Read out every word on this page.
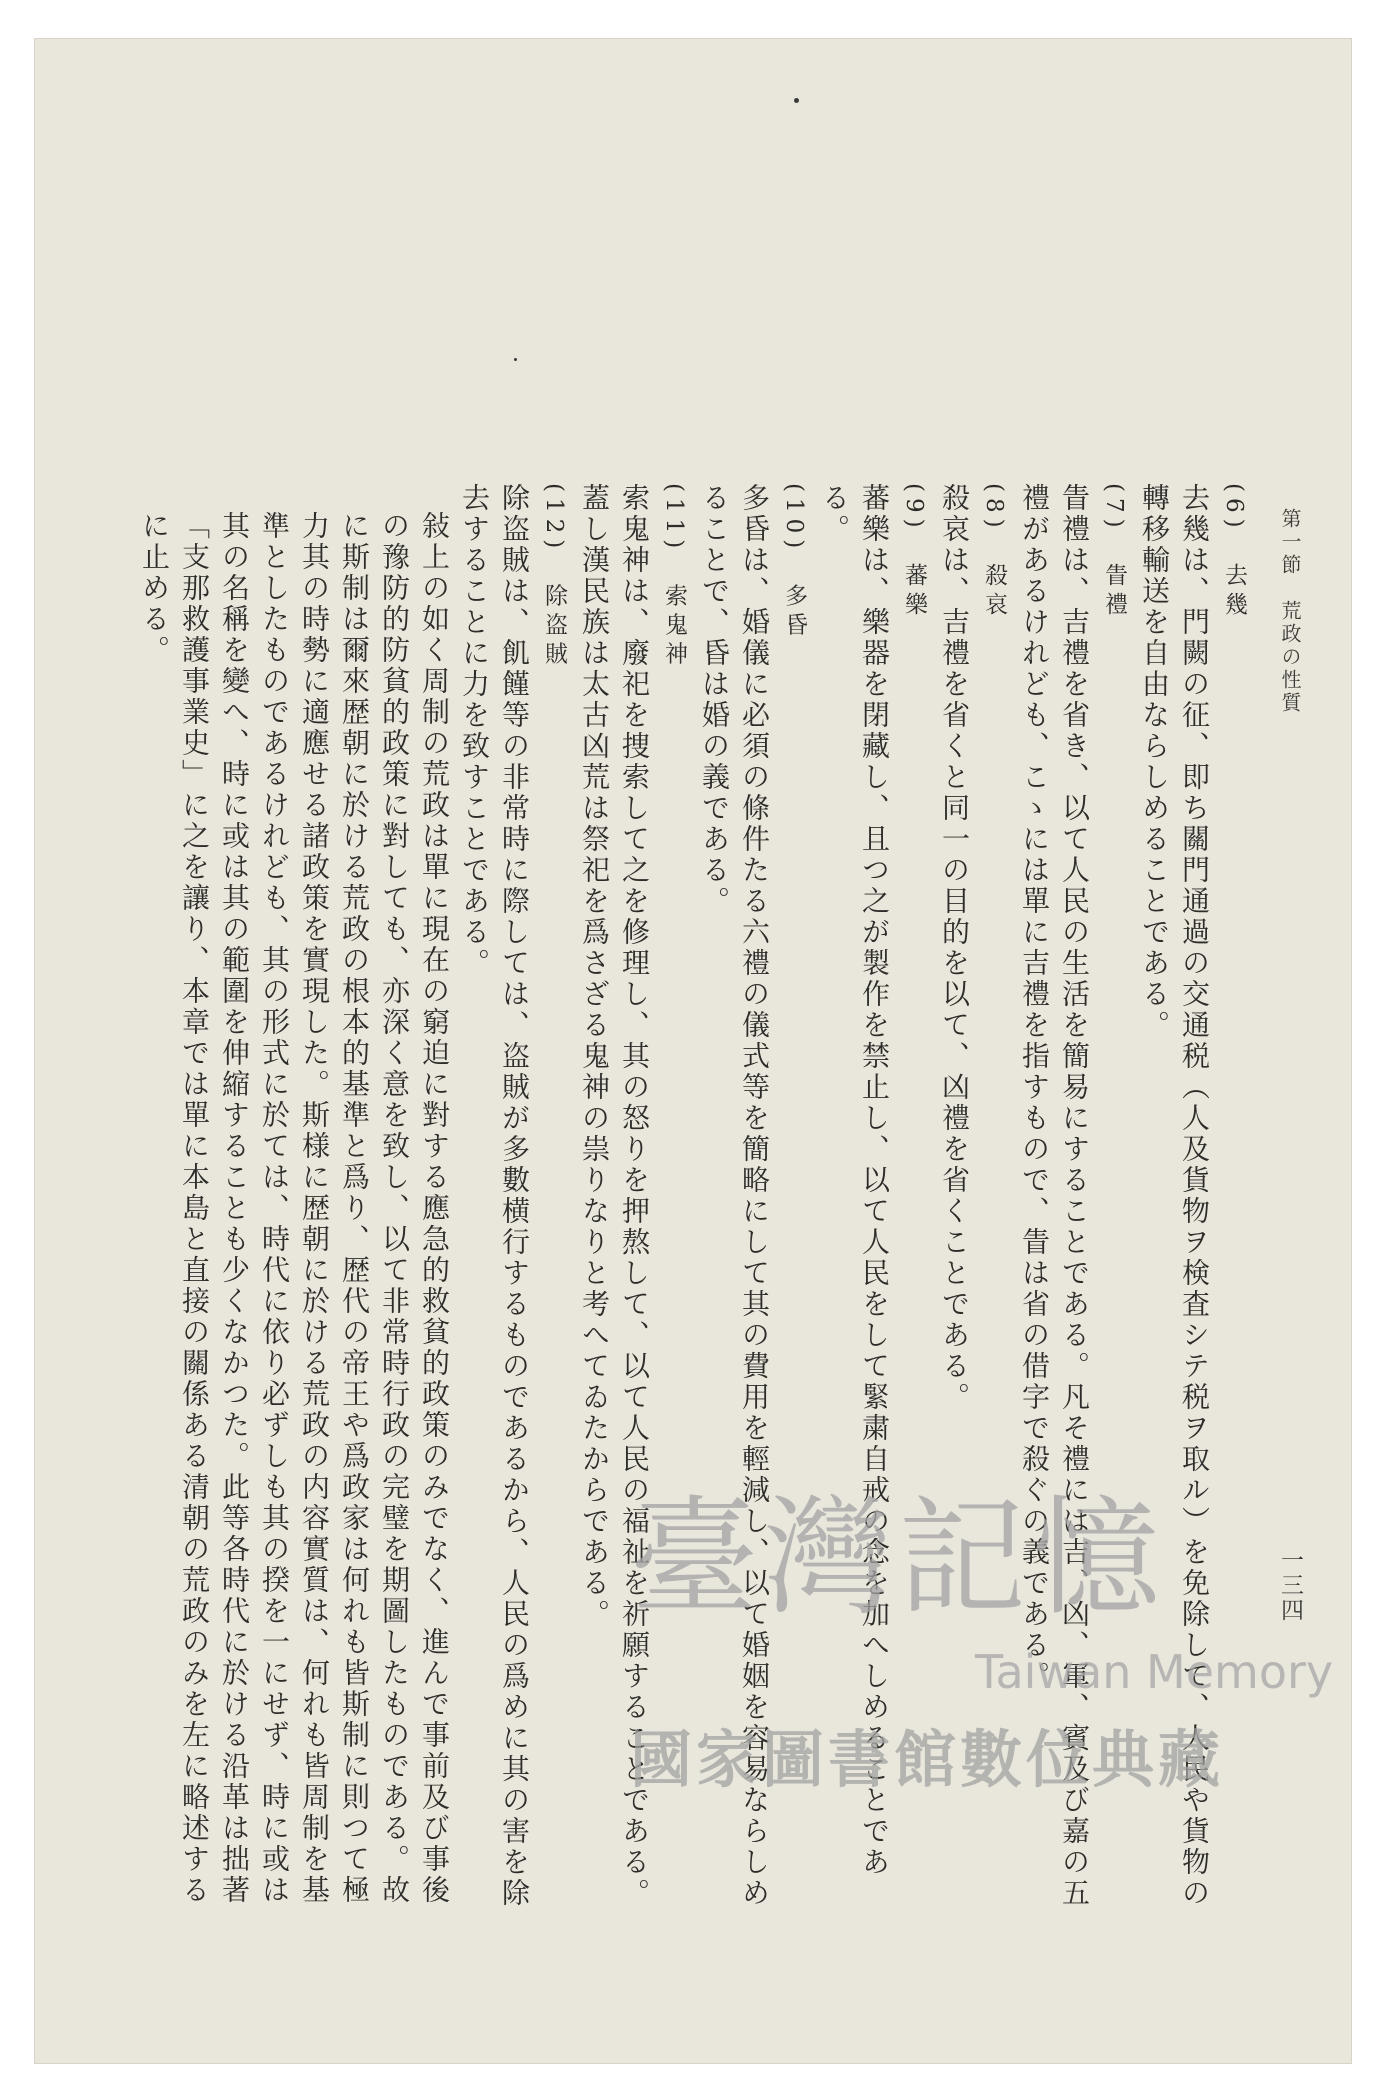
第一節　荒政の性質
一三四

(6)　去幾

去幾は、門闕の征、即ち關門通過の交通税（人及貨物ヲ検査シテ税ヲ取ル）を免除して、人民や貨物の轉移輸送を自由ならしめることである。

(7)　眚禮

眚禮は、吉禮を省き、以て人民の生活を簡易にすることである。凡そ禮には吉、凶、軍、賓及び嘉の五禮があるけれども、こゝには單に吉禮を指すもので、眚は省の借字で殺ぐの義である。

(8)　殺哀

殺哀は、吉禮を省くと同一の目的を以て、凶禮を省くことである。

(9)　蕃樂

蕃樂は、樂器を閉藏し、且つ之が製作を禁止し、以て人民をして緊粛自戒の念を加へしめることである。

(10)　多昏

多昏は、婚儀に必須の條件たる六禮の儀式等を簡略にして其の費用を輕減し、以て婚姻を容易ならしめることで、昏は婚の義である。

(11)　索鬼神

索鬼神は、廢祀を捜索して之を修理し、其の怒りを押熬して、以て人民の福祉を祈願することである。蓋し漢民族は太古凶荒は祭祀を爲さざる鬼神の祟りなりと考へてゐたからである。

(12)　除盗賊

除盗賊は、飢饉等の非常時に際しては、盗賊が多數横行するものであるから、人民の爲めに其の害を除去することに力を致すことである。

敍上の如く周制の荒政は單に現在の窮迫に對する應急的救貧的政策のみでなく、進んで事前及び事後の豫防的防貧的政策に對しても、亦深く意を致し、以て非常時行政の完璧を期圖したものである。故に斯制は爾來歴朝に於ける荒政の根本的基準と爲り、歴代の帝王や爲政家は何れも皆斯制に則つて極力其の時勢に適應せる諸政策を實現した。斯様に歴朝に於ける荒政の内容實質は、何れも皆周制を基準としたものであるけれども、其の形式に於ては、時代に依り必ずしも其の揆を一にせず、時に或は其の名稱を變へ、時に或は其の範圍を伸縮することも少くなかつた。此等各時代に於ける沿革は拙著「支那救護事業史」に之を讓り、本章では單に本島と直接の關係ある清朝の荒政のみを左に略述するに止める。

臺灣記憶
Taiwan Memory
國家圖書館數位典藏
